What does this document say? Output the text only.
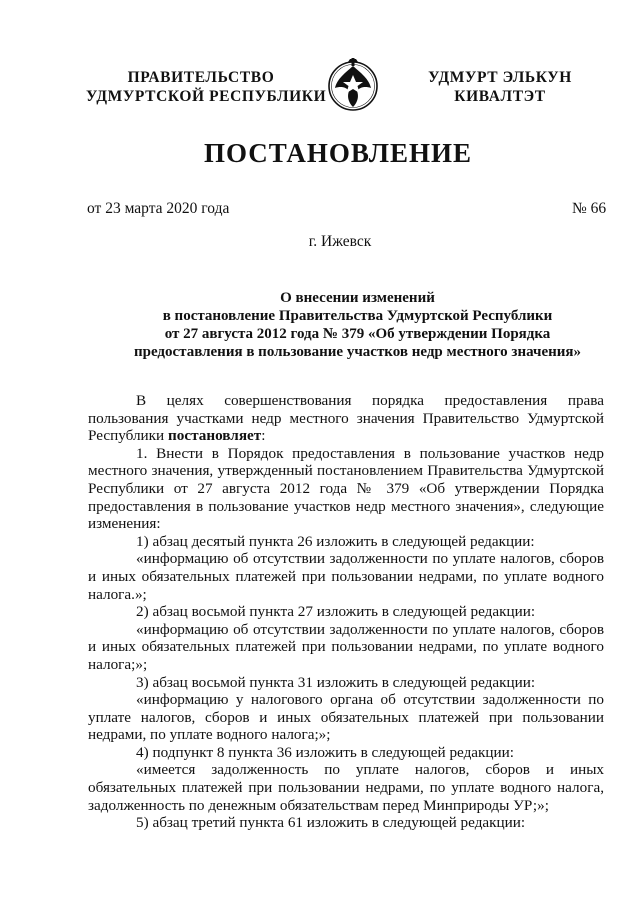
ПРАВИТЕЛЬСТВО
УДМУРТСКОЙ РЕСПУБЛИКИ
УДМУРТ ЭЛЬКУН
КИВАЛТЭТ
ПОСТАНОВЛЕНИЕ
от 23 марта 2020 года	№ 66
г. Ижевск
О внесении изменений
в постановление Правительства Удмуртской Республики
от 27 августа 2012 года № 379 «Об утверждении Порядка
предоставления в пользование участков недр местного значения»

В целях совершенствования порядка предоставления права пользования участками недр местного значения Правительство Удмуртской Республики постановляет:

1. Внести в Порядок предоставления в пользование участков недр местного значения, утвержденный постановлением Правительства Удмуртской Республики от 27 августа 2012 года № 379 «Об утверждении Порядка предоставления в пользование участков недр местного значения», следующие изменения:

1) абзац десятый пункта 26 изложить в следующей редакции:

«информацию об отсутствии задолженности по уплате налогов, сборов и иных обязательных платежей при пользовании недрами, по уплате водного налога.»;

2) абзац восьмой пункта 27 изложить в следующей редакции:

«информацию об отсутствии задолженности по уплате налогов, сборов и иных обязательных платежей при пользовании недрами, по уплате водного налога;»;

3) абзац восьмой пункта 31 изложить в следующей редакции:

«информацию у налогового органа об отсутствии задолженности по уплате налогов, сборов и иных обязательных платежей при пользовании недрами, по уплате водного налога;»;

4) подпункт 8 пункта 36 изложить в следующей редакции:

«имеется задолженность по уплате налогов, сборов и иных обязательных платежей при пользовании недрами, по уплате водного налога, задолженность по денежным обязательствам перед Минприроды УР;»;

5) абзац третий пункта 61 изложить в следующей редакции:
